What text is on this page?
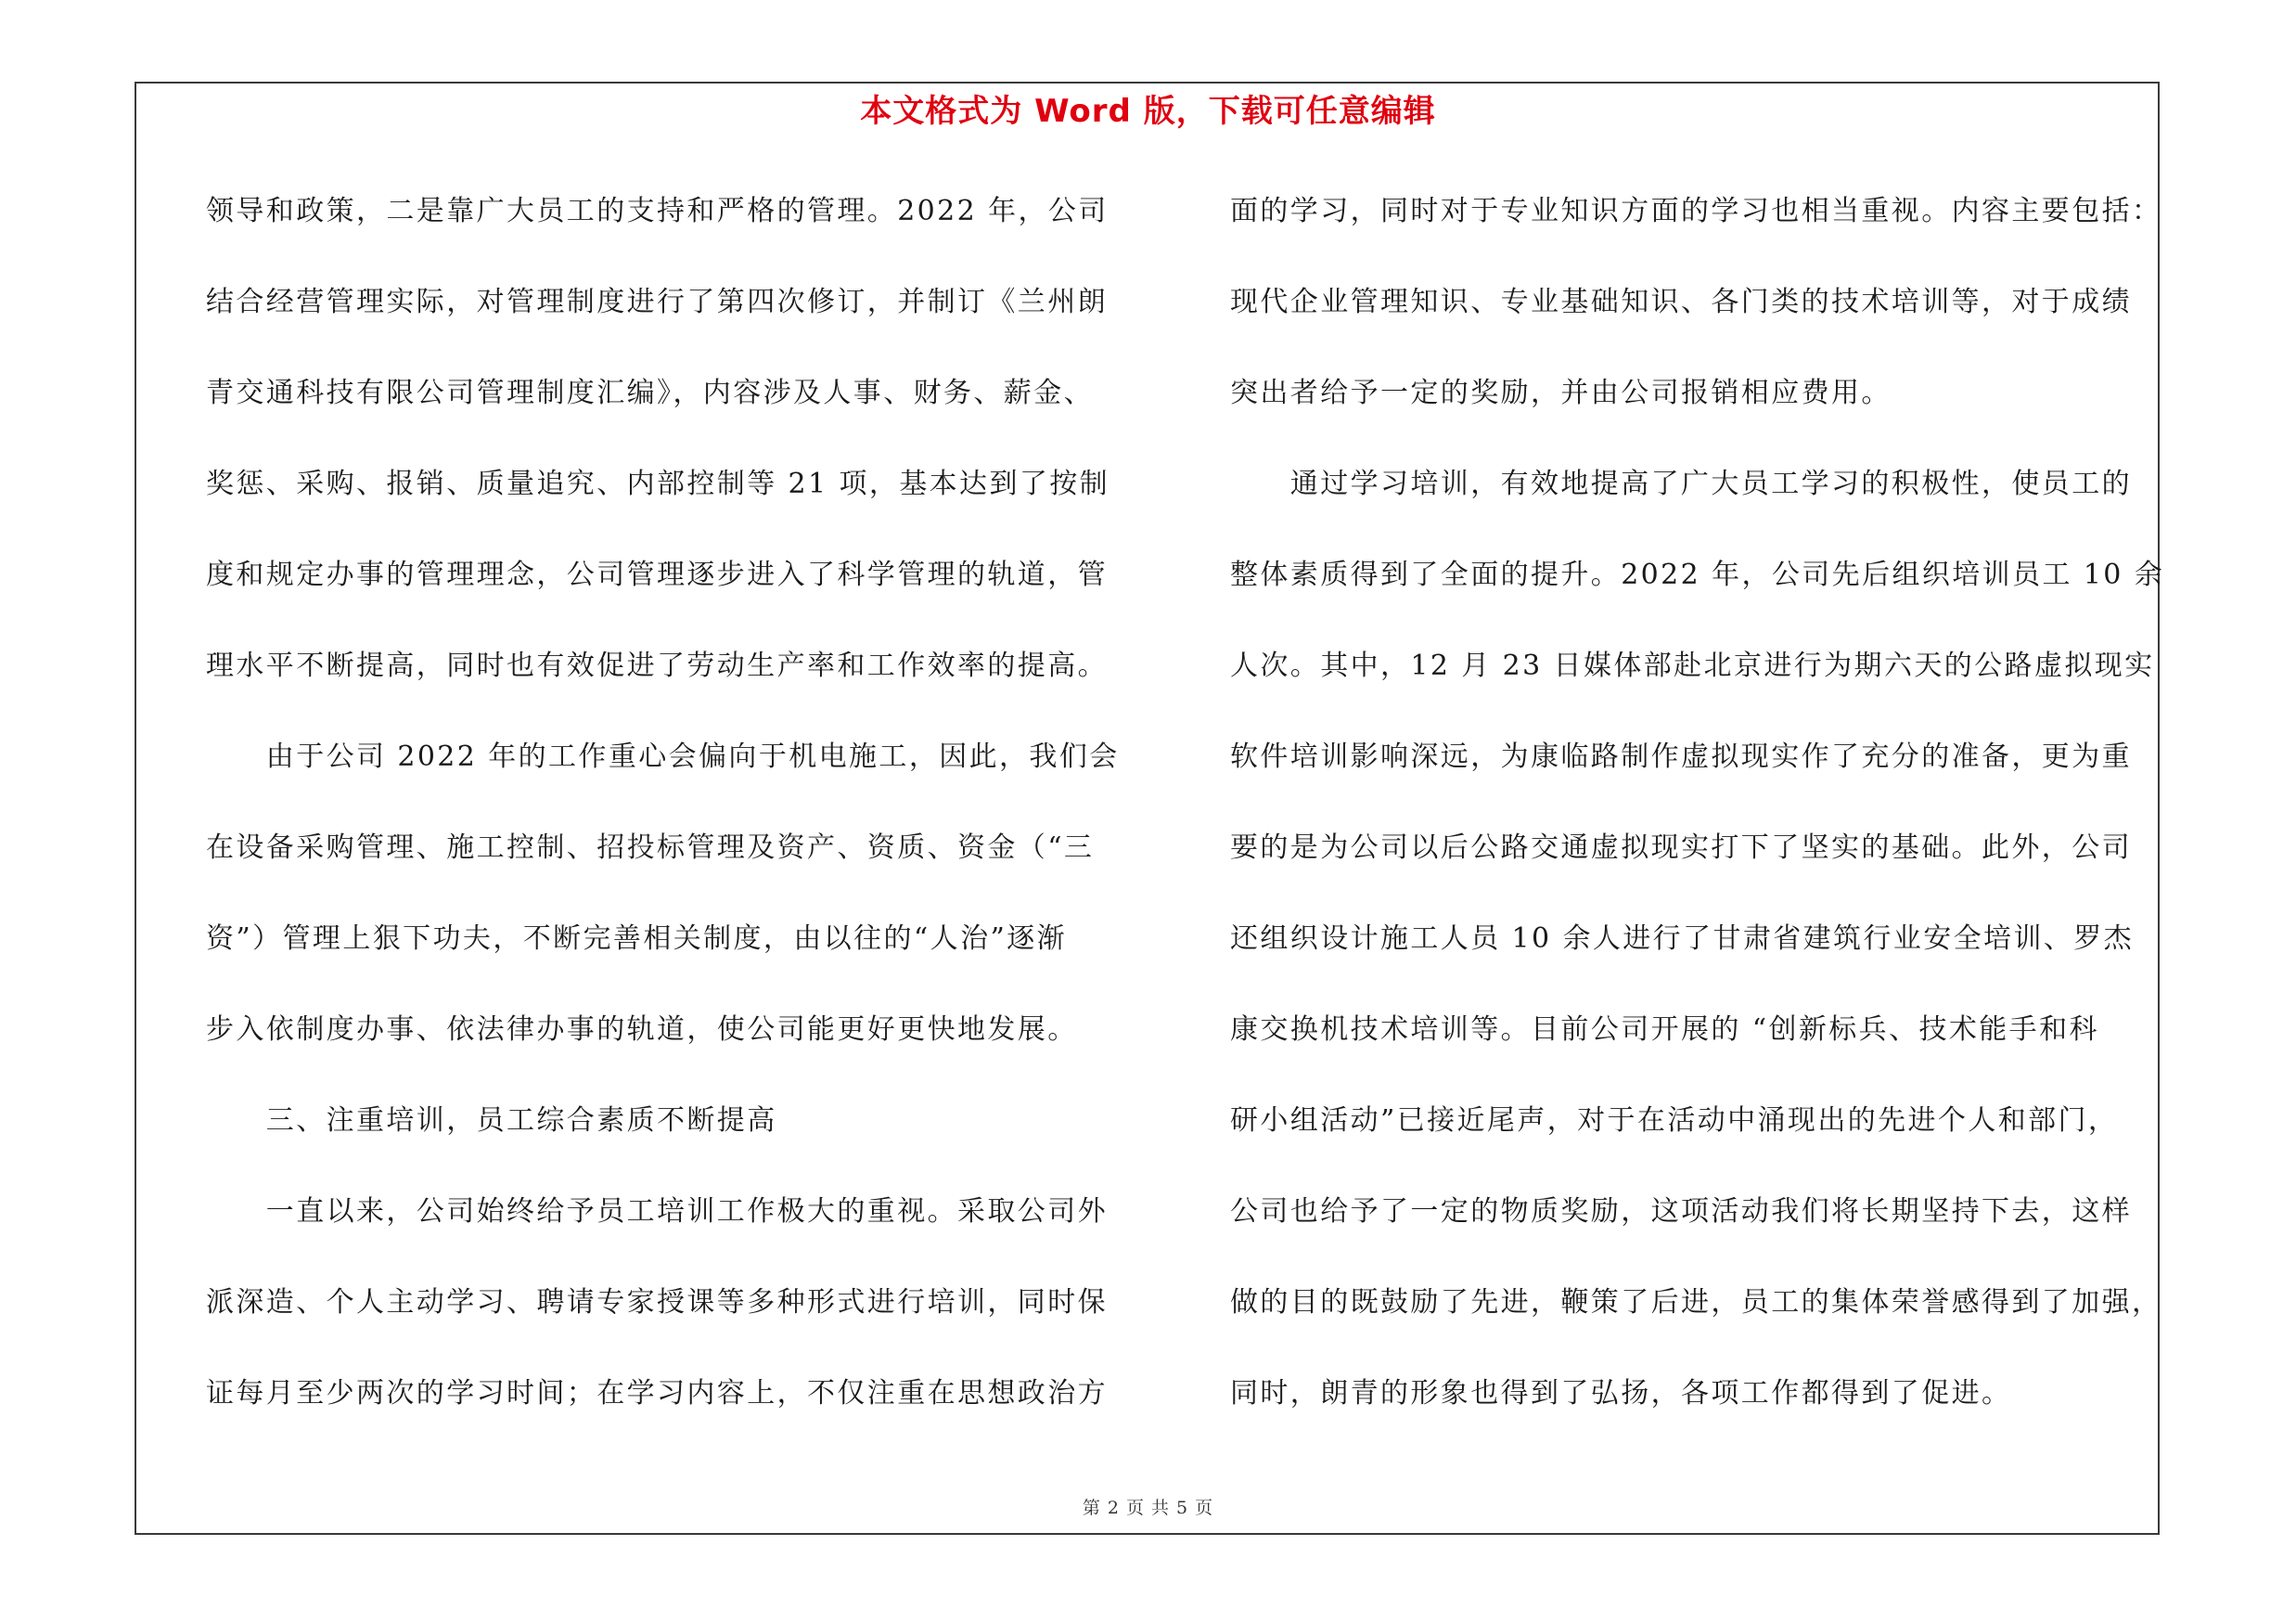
本文格式为 Word 版，下载可任意编辑
领导和政策，二是靠广大员工的支持和严格的管理。2022 年，公司
结合经营管理实际，对管理制度进行了第四次修订，并制订《兰州朗
青交通科技有限公司管理制度汇编》，内容涉及人事、财务、薪金、
奖惩、采购、报销、质量追究、内部控制等 21 项，基本达到了按制
度和规定办事的管理理念，公司管理逐步进入了科学管理的轨道，管
理水平不断提高，同时也有效促进了劳动生产率和工作效率的提高。
　　由于公司 2022 年的工作重心会偏向于机电施工，因此，我们会
在设备采购管理、施工控制、招投标管理及资产、资质、资金（“三
资”）管理上狠下功夫，不断完善相关制度，由以往的“人治”逐渐
步入依制度办事、依法律办事的轨道，使公司能更好更快地发展。
　　三、注重培训，员工综合素质不断提高
　　一直以来，公司始终给予员工培训工作极大的重视。采取公司外
派深造、个人主动学习、聘请专家授课等多种形式进行培训，同时保
证每月至少两次的学习时间；在学习内容上，不仅注重在思想政治方
面的学习，同时对于专业知识方面的学习也相当重视。内容主要包括：
现代企业管理知识、专业基础知识、各门类的技术培训等，对于成绩
突出者给予一定的奖励，并由公司报销相应费用。
　　通过学习培训，有效地提高了广大员工学习的积极性，使员工的
整体素质得到了全面的提升。2022 年，公司先后组织培训员工 10 余
人次。其中，12 月 23 日媒体部赴北京进行为期六天的公路虚拟现实
软件培训影响深远，为康临路制作虚拟现实作了充分的准备，更为重
要的是为公司以后公路交通虚拟现实打下了坚实的基础。此外，公司
还组织设计施工人员 10 余人进行了甘肃省建筑行业安全培训、罗杰
康交换机技术培训等。目前公司开展的 “创新标兵、技术能手和科
研小组活动”已接近尾声，对于在活动中涌现出的先进个人和部门，
公司也给予了一定的物质奖励，这项活动我们将长期坚持下去，这样
做的目的既鼓励了先进，鞭策了后进，员工的集体荣誉感得到了加强，
同时，朗青的形象也得到了弘扬，各项工作都得到了促进。
第 2 页 共 5 页
